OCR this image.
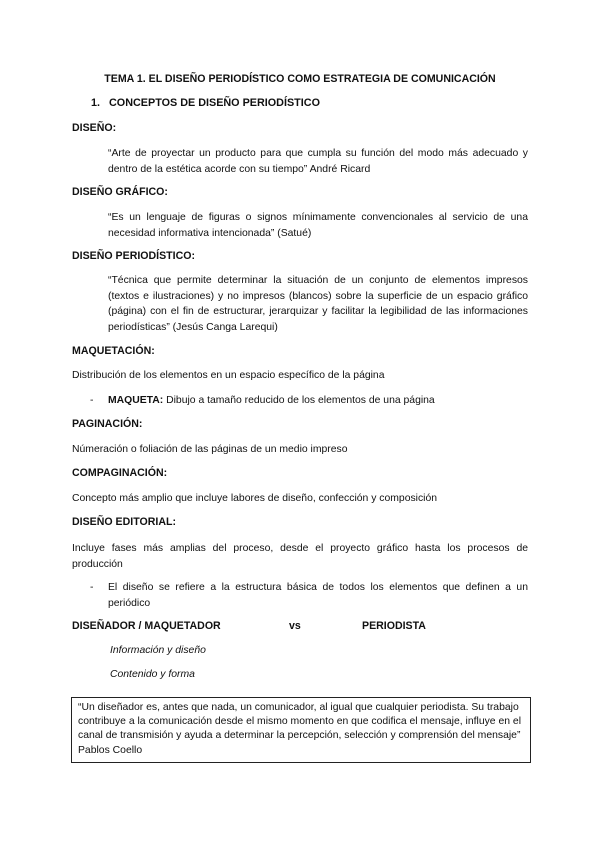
TEMA 1. EL DISEÑO PERIODÍSTICO COMO ESTRATEGIA DE COMUNICACIÓN
1. CONCEPTOS DE DISEÑO PERIODÍSTICO
DISEÑO:
“Arte de proyectar un producto para que cumpla su función del modo más adecuado y dentro de la estética acorde con su tiempo” André Ricard
DISEÑO GRÁFICO:
“Es un lenguaje de figuras o signos mínimamente convencionales al servicio de una necesidad informativa intencionada” (Satué)
DISEÑO PERIODÍSTICO:
“Técnica que permite determinar la situación de un conjunto de elementos impresos (textos e ilustraciones) y no impresos (blancos) sobre la superficie de un espacio gráfico (página) con el fin de estructurar, jerarquizar y facilitar la legibilidad de las informaciones periodísticas” (Jesús Canga Larequi)
MAQUETACIÓN:
Distribución de los elementos en un espacio específico de la página
- MAQUETA: Dibujo a tamaño reducido de los elementos de una página
PAGINACIÓN:
Númeración o foliación de las páginas de un medio impreso
COMPAGINACIÓN:
Concepto más amplio que incluye labores de diseño, confección y composición
DISEÑO EDITORIAL:
Incluye fases más amplias del proceso, desde el proyecto gráfico hasta los procesos de producción
- El diseño se refiere a la estructura básica de todos los elementos que definen a un periódico
DISEÑADOR / MAQUETADOR	vs	PERIODISTA
Información y diseño
Contenido y forma
“Un diseñador es, antes que nada, un comunicador, al igual que cualquier periodista. Su trabajo contribuye a la comunicación desde el mismo momento en que codifica el mensaje, influye en el canal de transmisión y ayuda a determinar la percepción, selección y comprensión del mensaje” Pablos Coello
